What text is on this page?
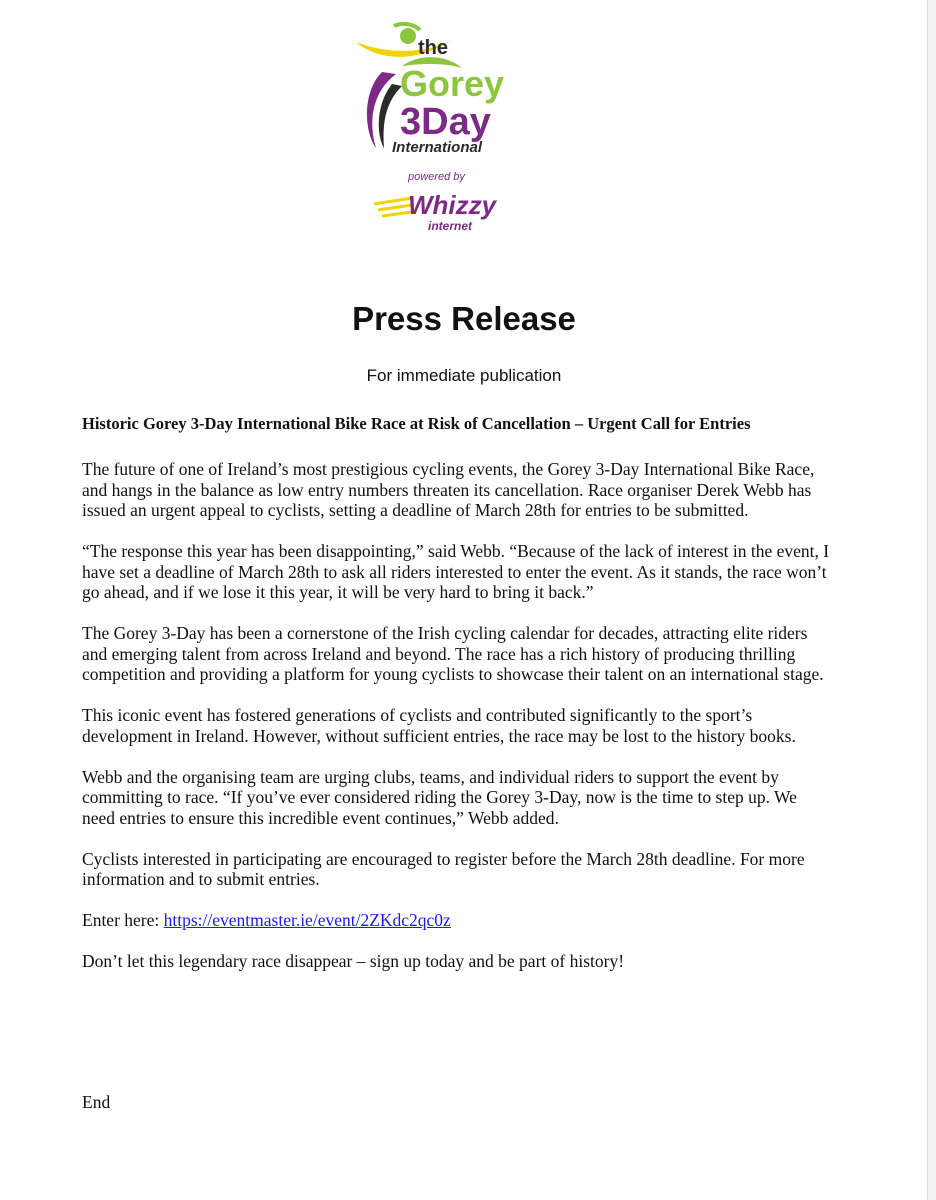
the
Gorey
3Day
International
powered by
Whizzy
internet
Press Release
For immediate publication
Historic Gorey 3-Day International Bike Race at Risk of Cancellation – Urgent Call for Entries

The future of one of Ireland’s most prestigious cycling events, the Gorey 3-Day International Bike Race, and hangs in the balance as low entry numbers threaten its cancellation. Race organiser Derek Webb has issued an urgent appeal to cyclists, setting a deadline of March 28th for entries to be submitted.

“The response this year has been disappointing,” said Webb. “Because of the lack of interest in the event, I have set a deadline of March 28th to ask all riders interested to enter the event. As it stands, the race won’t go ahead, and if we lose it this year, it will be very hard to bring it back.”

The Gorey 3-Day has been a cornerstone of the Irish cycling calendar for decades, attracting elite riders and emerging talent from across Ireland and beyond. The race has a rich history of producing thrilling competition and providing a platform for young cyclists to showcase their talent on an international stage.

This iconic event has fostered generations of cyclists and contributed significantly to the sport’s development in Ireland. However, without sufficient entries, the race may be lost to the history books.

Webb and the organising team are urging clubs, teams, and individual riders to support the event by committing to race. “If you’ve ever considered riding the Gorey 3-Day, now is the time to step up. We need entries to ensure this incredible event continues,” Webb added.

Cyclists interested in participating are encouraged to register before the March 28th deadline. For more information and to submit entries.

Enter here: https://eventmaster.ie/event/2ZKdc2qc0z

Don’t let this legendary race disappear – sign up today and be part of history!

End
